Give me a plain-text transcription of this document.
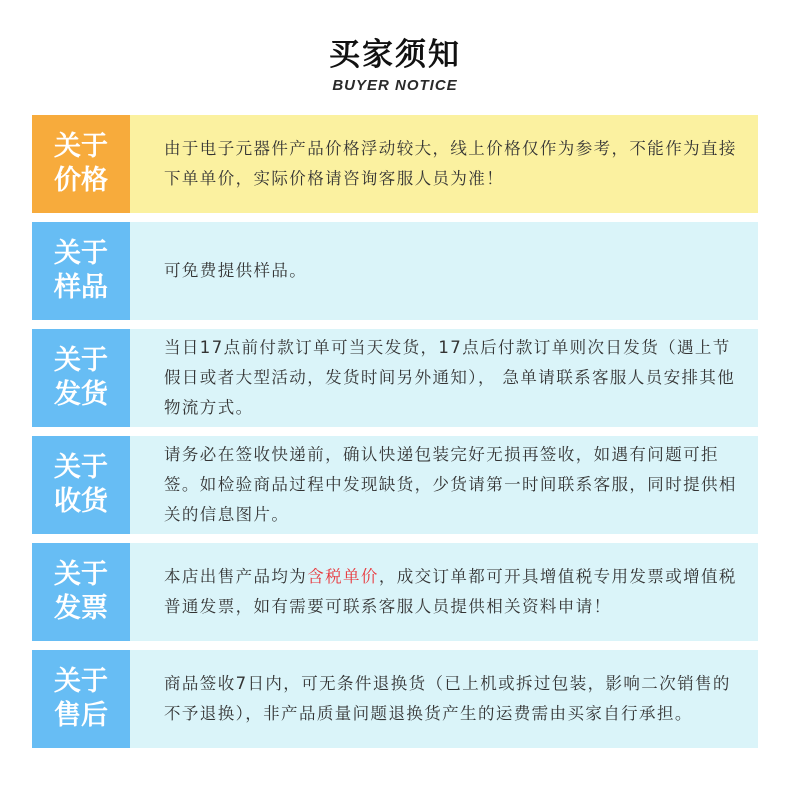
买家须知
BUYER NOTICE
关于
价格
由于电子元器件产品价格浮动较大，线上价格仅作为参考，不能作为直接下单单价，实际价格请咨询客服人员为准！
关于
样品
可免费提供样品。
关于
发货
当日17点前付款订单可当天发货，17点后付款订单则次日发货（遇上节假日或者大型活动，发货时间另外通知）， 急单请联系客服人员安排其他物流方式。
关于
收货
请务必在签收快递前，确认快递包装完好无损再签收，如遇有问题可拒签。如检验商品过程中发现缺货，少货请第一时间联系客服，同时提供相关的信息图片。
关于
发票
本店出售产品均为含税单价，成交订单都可开具增值税专用发票或增值税普通发票，如有需要可联系客服人员提供相关资料申请！
关于
售后
商品签收7日内，可无条件退换货（已上机或拆过包装，影响二次销售的不予退换），非产品质量问题退换货产生的运费需由买家自行承担。
